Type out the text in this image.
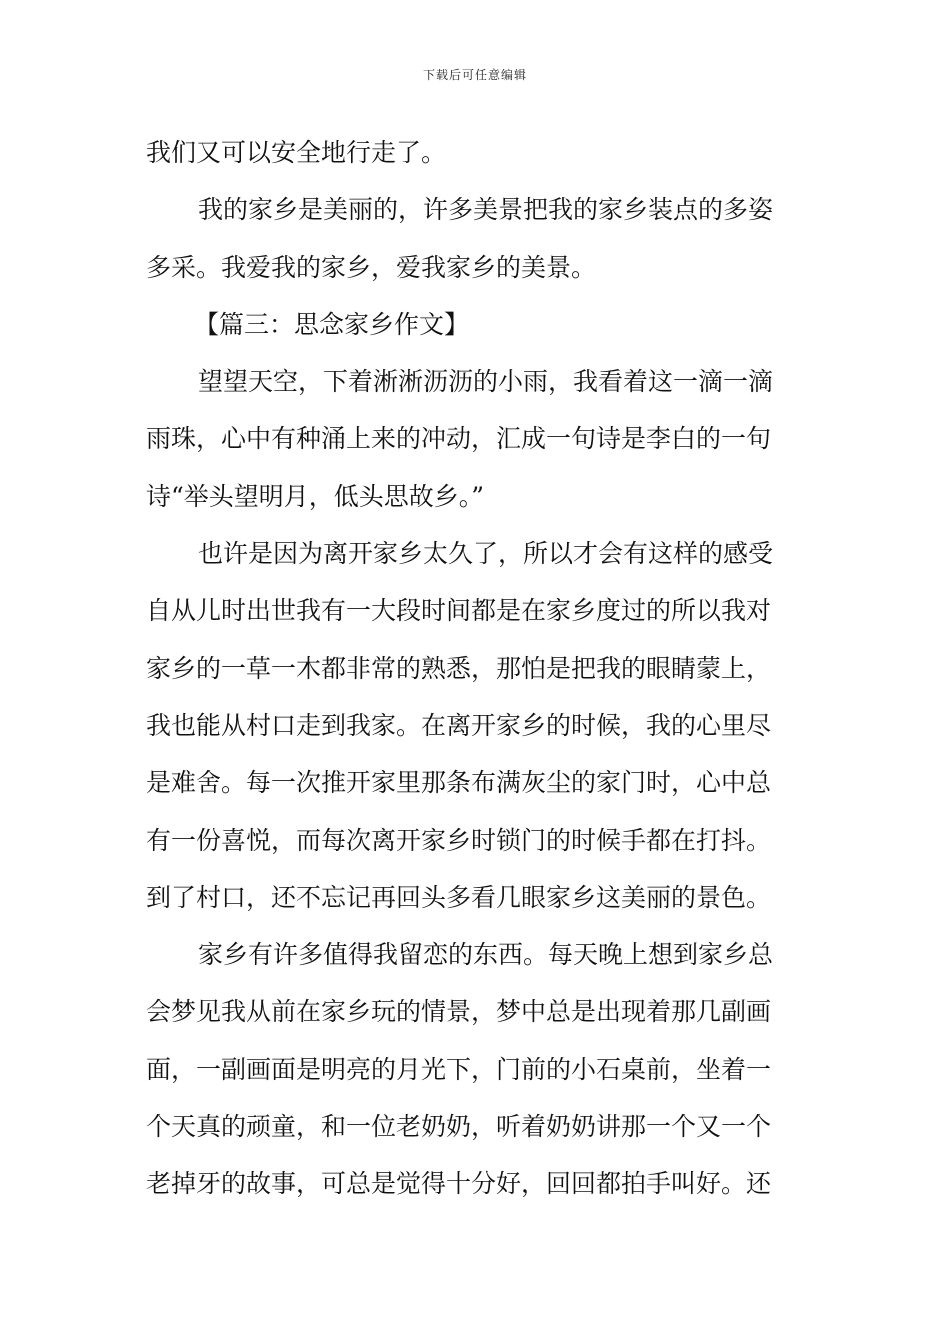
下载后可任意编辑
我们又可以安全地行走了。
我的家乡是美丽的，许多美景把我的家乡装点的多姿
多采。我爱我的家乡，爱我家乡的美景。
【篇三：思念家乡作文】
望望天空，下着淅淅沥沥的小雨，我看着这一滴一滴
雨珠，心中有种涌上来的冲动，汇成一句诗是李白的一句
诗“举头望明月，低头思故乡。”
也许是因为离开家乡太久了，所以才会有这样的感受
自从儿时出世我有一大段时间都是在家乡度过的所以我对
家乡的一草一木都非常的熟悉，那怕是把我的眼睛蒙上，
我也能从村口走到我家。在离开家乡的时候，我的心里尽
是难舍。每一次推开家里那条布满灰尘的家门时，心中总
有一份喜悦，而每次离开家乡时锁门的时候手都在打抖。
到了村口，还不忘记再回头多看几眼家乡这美丽的景色。
家乡有许多值得我留恋的东西。每天晚上想到家乡总
会梦见我从前在家乡玩的情景，梦中总是出现着那几副画
面，一副画面是明亮的月光下，门前的小石桌前，坐着一
个天真的顽童，和一位老奶奶，听着奶奶讲那一个又一个
老掉牙的故事，可总是觉得十分好，回回都拍手叫好。还
